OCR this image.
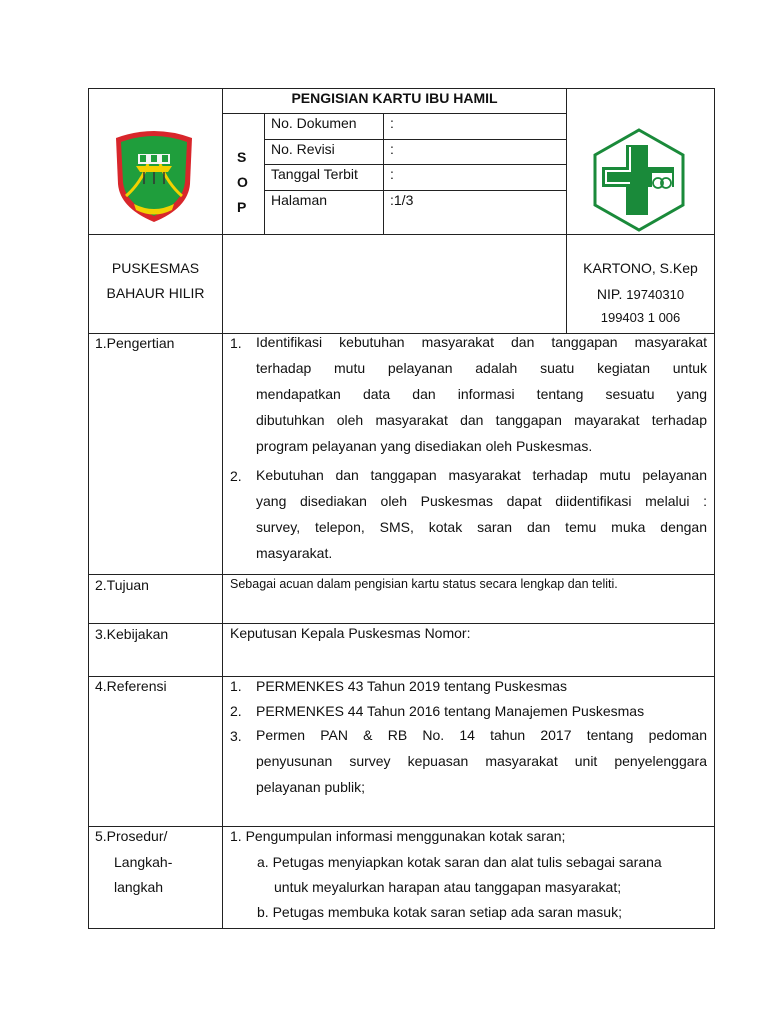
PENGISIAN KARTU IBU HAMIL
S
O
P
No. Dokumen :
No. Revisi	:
Tanggal Terbit :
Halaman	:1/3
PUSKESMAS
BAHAUR HILIR
KARTONO, S.Kep
NIP. 19740310
199403 1 006
1.Pengertian	1. Identifikasi kebutuhan masyarakat dan tanggapan masyarakat
terhadap mutu pelayanan adalah suatu kegiatan untuk
mendapatkan data dan informasi tentang sesuatu yang
dibutuhkan oleh masyarakat dan tanggapan mayarakat terhadap
program pelayanan yang disediakan oleh Puskesmas.
2. Kebutuhan dan tanggapan masyarakat terhadap mutu pelayanan
yang disediakan oleh Puskesmas dapat diidentifikasi melalui :
survey, telepon, SMS, kotak saran dan temu muka dengan
masyarakat.
2.Tujuan	Sebagai acuan dalam pengisian kartu status secara lengkap dan teliti.
3.Kebijakan	Keputusan Kepala Puskesmas Nomor:
4.Referensi	1. PERMENKES 43 Tahun 2019 tentang Puskesmas
2. PERMENKES 44 Tahun 2016 tentang Manajemen Puskesmas
3. Permen PAN & RB No. 14 tahun 2017 tentang pedoman
penyusunan survey kepuasan masyarakat unit penyelenggara
pelayanan publik;
5.Prosedur/
Langkah-
langkah
1. Pengumpulan informasi menggunakan kotak saran;
a. Petugas menyiapkan kotak saran dan alat tulis sebagai sarana
untuk meyalurkan harapan atau tanggapan masyarakat;
b. Petugas membuka kotak saran setiap ada saran masuk;
